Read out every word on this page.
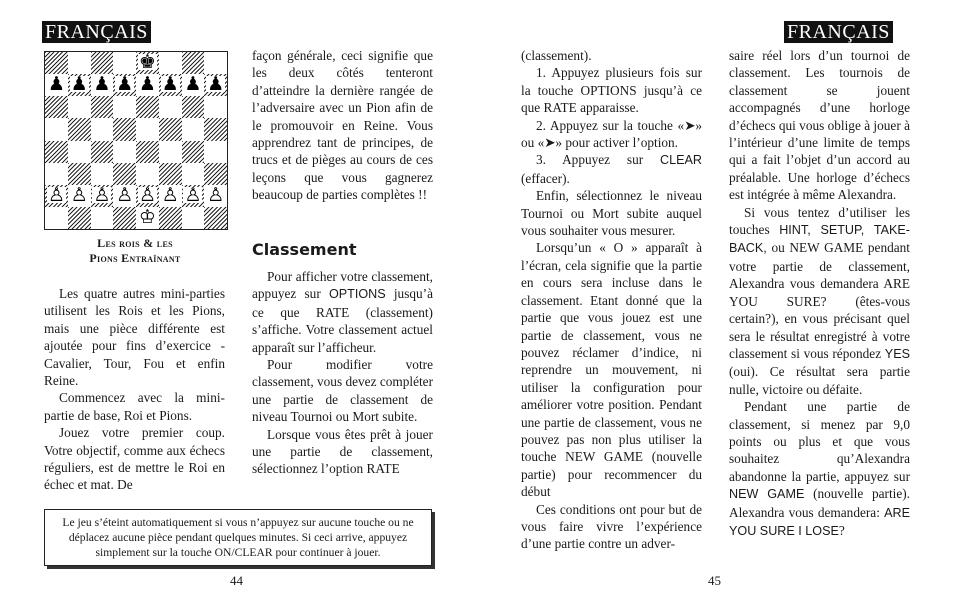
FRANÇAIS
♚
♟ ♟ ♟ ♟ ♟ ♟ ♟ ♟
♙ ♙ ♙ ♙ ♙ ♙ ♙ ♙
♔
Les rois & les
Pions Entraînant

Les quatre autres mini-parties utilisent les Rois et les Pions, mais une pièce différente est ajoutée pour fins d’exercice - Cavalier, Tour, Fou et enfin Reine.

Commencez avec la mini-partie de base, Roi et Pions.

Jouez votre premier coup. Votre objectif, comme aux échecs réguliers, est de mettre le Roi en échec et mat. De

façon générale, ceci signifie que les deux côtés tenteront d’atteindre la dernière rangée de l’adversaire avec un Pion afin de le promouvoir en Reine. Vous apprendrez tant de principes, de trucs et de pièges au cours de ces leçons que vous gagnerez beaucoup de parties complètes !!

Classement

Pour afficher votre classement, appuyez sur OPTIONS jusqu’à ce que RATE (classement) s’affiche. Votre classement actuel apparaît sur l’afficheur.

Pour modifier votre classement, vous devez compléter une partie de classement de niveau Tournoi ou Mort subite.

Lorsque vous êtes prêt à jouer une partie de classement, sélectionnez l’option RATE

Le jeu s’éteint automatiquement si vous n’appuyez sur aucune touche ou ne déplacez aucune pièce pendant quelques minutes. Si ceci arrive, appuyez simplement sur la touche ON/CLEAR pour continuer à jouer.
44
FRANÇAIS

(classement).

1. Appuyez plusieurs fois sur la touche OPTIONS jusqu’à ce que RATE apparaisse.

2. Appuyez sur la touche «➤» ou «➤» pour activer l’option.

3. Appuyez sur CLEAR (effacer).

Enfin, sélectionnez le niveau Tournoi ou Mort subite auquel vous souhaiter vous mesurer.

Lorsqu’un « O » apparaît à l’écran, cela signifie que la partie en cours sera incluse dans le classement. Etant donné que la partie que vous jouez est une partie de classement, vous ne pouvez réclamer d’indice, ni reprendre un mouvement, ni utiliser la configuration pour améliorer votre position. Pendant une partie de classement, vous ne pouvez pas non plus utiliser la touche NEW GAME (nouvelle partie) pour recommencer du début

Ces conditions ont pour but de vous faire vivre l’expérience d’une partie contre un adver-

saire réel lors d’un tournoi de classement. Les tournois de classement se jouent accompagnés d’une horloge d’échecs qui vous oblige à jouer à l’intérieur d’une limite de temps qui a fait l’objet d’un accord au préalable. Une horloge d’échecs est intégrée à même Alexandra.

Si vous tentez d’utiliser les touches HINT, SETUP, TAKE-BACK, ou NEW GAME pendant votre partie de classement, Alexandra vous demandera ARE YOU SURE? (êtes-vous certain?), en vous précisant quel sera le résultat enregistré à votre classement si vous répondez YES (oui). Ce résultat sera partie nulle, victoire ou défaite.

Pendant une partie de classement, si menez par 9,0 points ou plus et que vous souhaitez qu’Alexandra abandonne la partie, appuyez sur NEW GAME (nouvelle partie). Alexandra vous demandera: ARE YOU SURE I LOSE?

45
